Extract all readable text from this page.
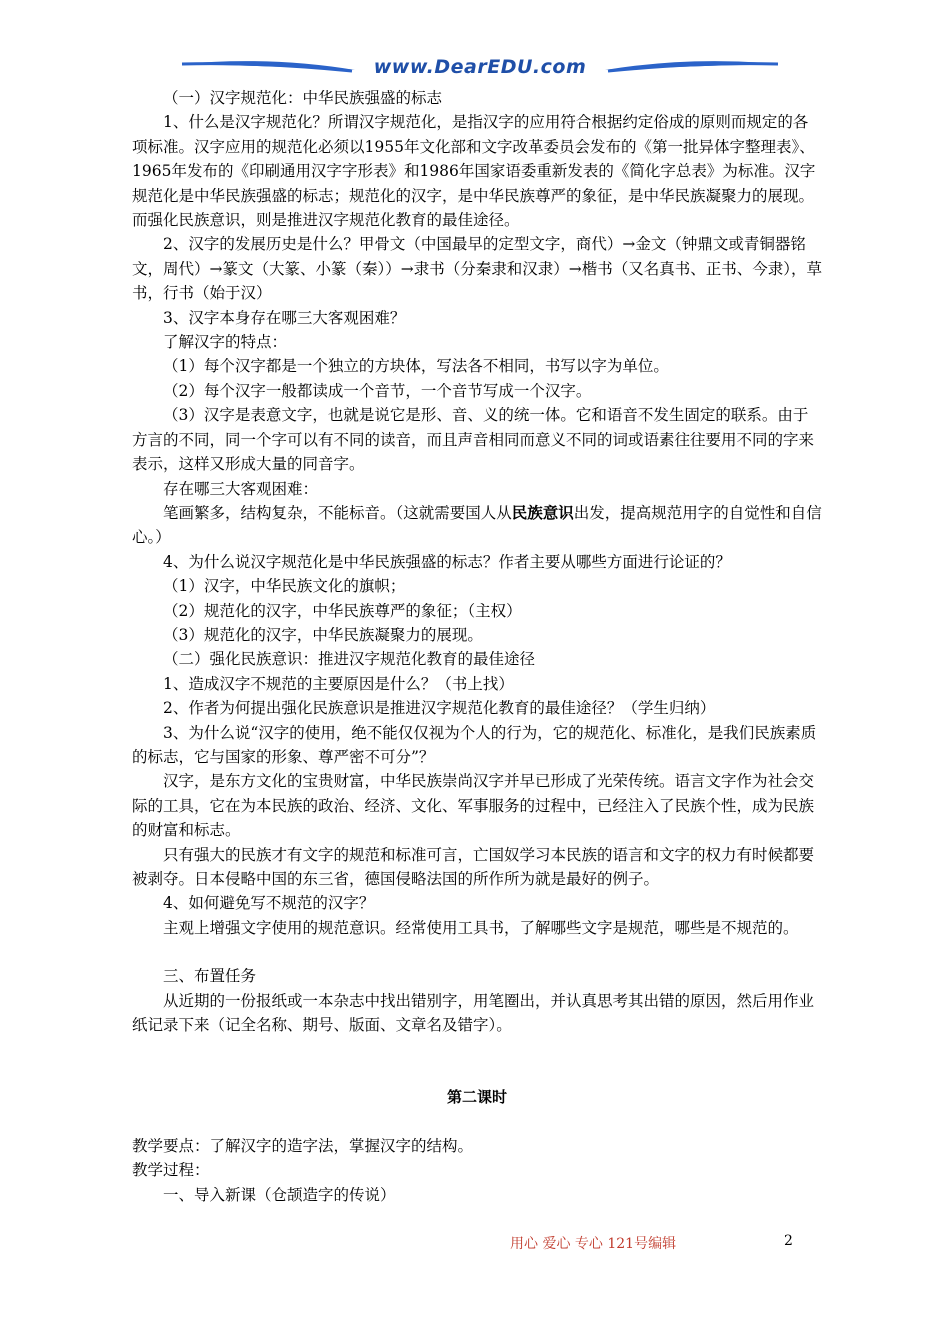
www.DearEDU.com

（一）汉字规范化：中华民族强盛的标志

1、什么是汉字规范化？所谓汉字规范化，是指汉字的应用符合根据约定俗成的原则而规定的各项标准。汉字应用的规范化必须以1955年文化部和文字改革委员会发布的《第一批异体字整理表》、1965年发布的《印刷通用汉字字形表》和1986年国家语委重新发表的《简化字总表》为标准。汉字规范化是中华民族强盛的标志；规范化的汉字，是中华民族尊严的象征，是中华民族凝聚力的展现。而强化民族意识，则是推进汉字规范化教育的最佳途径。

2、汉字的发展历史是什么？甲骨文（中国最早的定型文字，商代）→金文（钟鼎文或青铜器铭文，周代）→篆文（大篆、小篆（秦））→隶书（分秦隶和汉隶）→楷书（又名真书、正书、今隶），草书，行书（始于汉）

3、汉字本身存在哪三大客观困难？

了解汉字的特点：

（1）每个汉字都是一个独立的方块体，写法各不相同，书写以字为单位。

（2）每个汉字一般都读成一个音节，一个音节写成一个汉字。

（3）汉字是表意文字，也就是说它是形、音、义的统一体。它和语音不发生固定的联系。由于方言的不同，同一个字可以有不同的读音，而且声音相同而意义不同的词或语素往往要用不同的字来表示，这样又形成大量的同音字。

存在哪三大客观困难：

笔画繁多，结构复杂，不能标音。（这就需要国人从民族意识出发，提高规范用字的自觉性和自信心。）

4、为什么说汉字规范化是中华民族强盛的标志？作者主要从哪些方面进行论证的？

（1）汉字，中华民族文化的旗帜；

（2）规范化的汉字，中华民族尊严的象征；（主权）

（3）规范化的汉字，中华民族凝聚力的展现。

（二）强化民族意识：推进汉字规范化教育的最佳途径

1、造成汉字不规范的主要原因是什么？（书上找）

2、作者为何提出强化民族意识是推进汉字规范化教育的最佳途径？（学生归纳）

3、为什么说“汉字的使用，绝不能仅仅视为个人的行为，它的规范化、标准化，是我们民族素质的标志，它与国家的形象、尊严密不可分”？

汉字，是东方文化的宝贵财富，中华民族崇尚汉字并早已形成了光荣传统。语言文字作为社会交际的工具，它在为本民族的政治、经济、文化、军事服务的过程中，已经注入了民族个性，成为民族的财富和标志。

只有强大的民族才有文字的规范和标准可言，亡国奴学习本民族的语言和文字的权力有时候都要被剥夺。日本侵略中国的东三省，德国侵略法国的所作所为就是最好的例子。

4、如何避免写不规范的汉字？

主观上增强文字使用的规范意识。经常使用工具书，了解哪些文字是规范，哪些是不规范的。

三、布置任务

从近期的一份报纸或一本杂志中找出错别字，用笔圈出，并认真思考其出错的原因，然后用作业纸记录下来（记全名称、期号、版面、文章名及错字）。

第二课时

教学要点：了解汉字的造字法，掌握汉字的结构。

教学过程：

一、导入新课（仓颉造字的传说）

用心 爱心 专心 121号编辑	2
